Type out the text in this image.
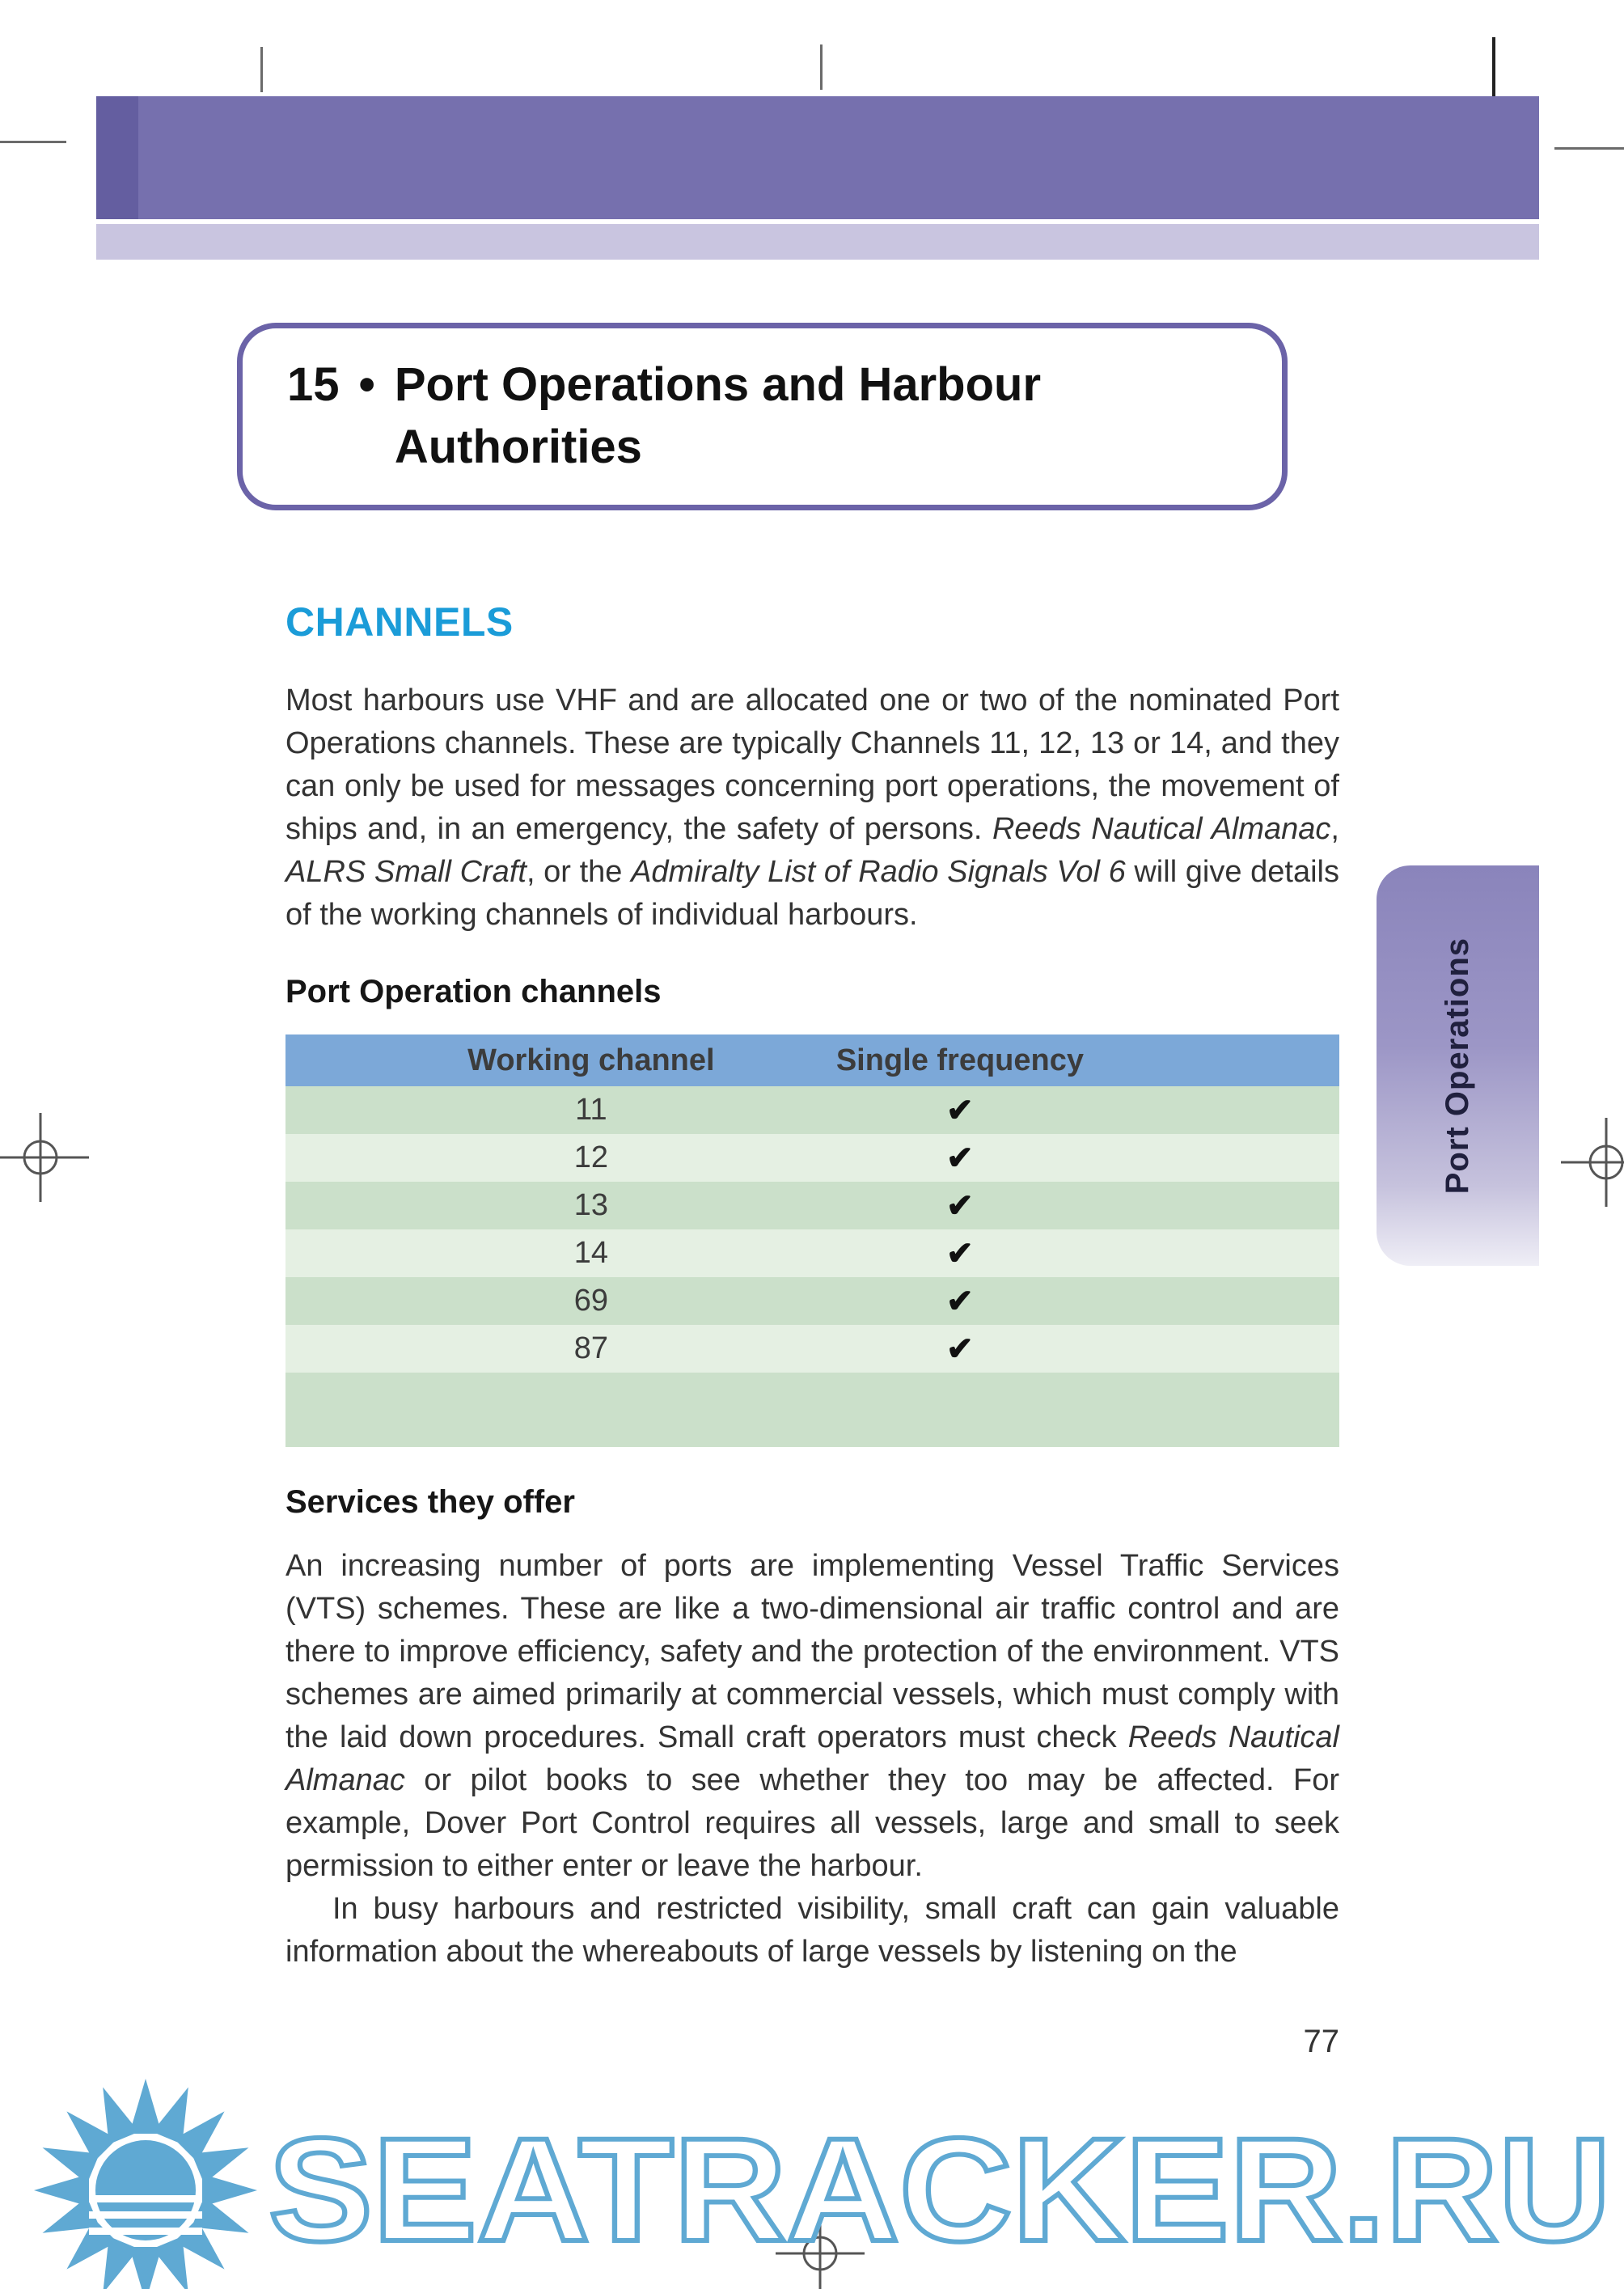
15 • Port Operations and Harbour Authorities
CHANNELS
Most harbours use VHF and are allocated one or two of the nominated Port Operations channels. These are typically Channels 11, 12, 13 or 14, and they can only be used for messages concerning port operations, the movement of ships and, in an emergency, the safety of persons. Reeds Nautical Almanac, ALRS Small Craft, or the Admiralty List of Radio Signals Vol 6 will give details of the working channels of individual harbours.
Port Operation channels
Working channel	Single frequency
11	✔
12	✔
13	✔
14	✔
69	✔
87	✔
Services they offer
An increasing number of ports are implementing Vessel Traffic Services (VTS) schemes. These are like a two-dimensional air traffic control and are there to improve efficiency, safety and the protection of the environment. VTS schemes are aimed primarily at commercial vessels, which must comply with the laid down procedures. Small craft operators must check Reeds Nautical Almanac or pilot books to see whether they too may be affected. For example, Dover Port Control requires all vessels, large and small to seek permission to either enter or leave the harbour.
In busy harbours and restricted visibility, small craft can gain valuable information about the whereabouts of large vessels by listening on the
77
Port Operations
SEATRACKER.RU
